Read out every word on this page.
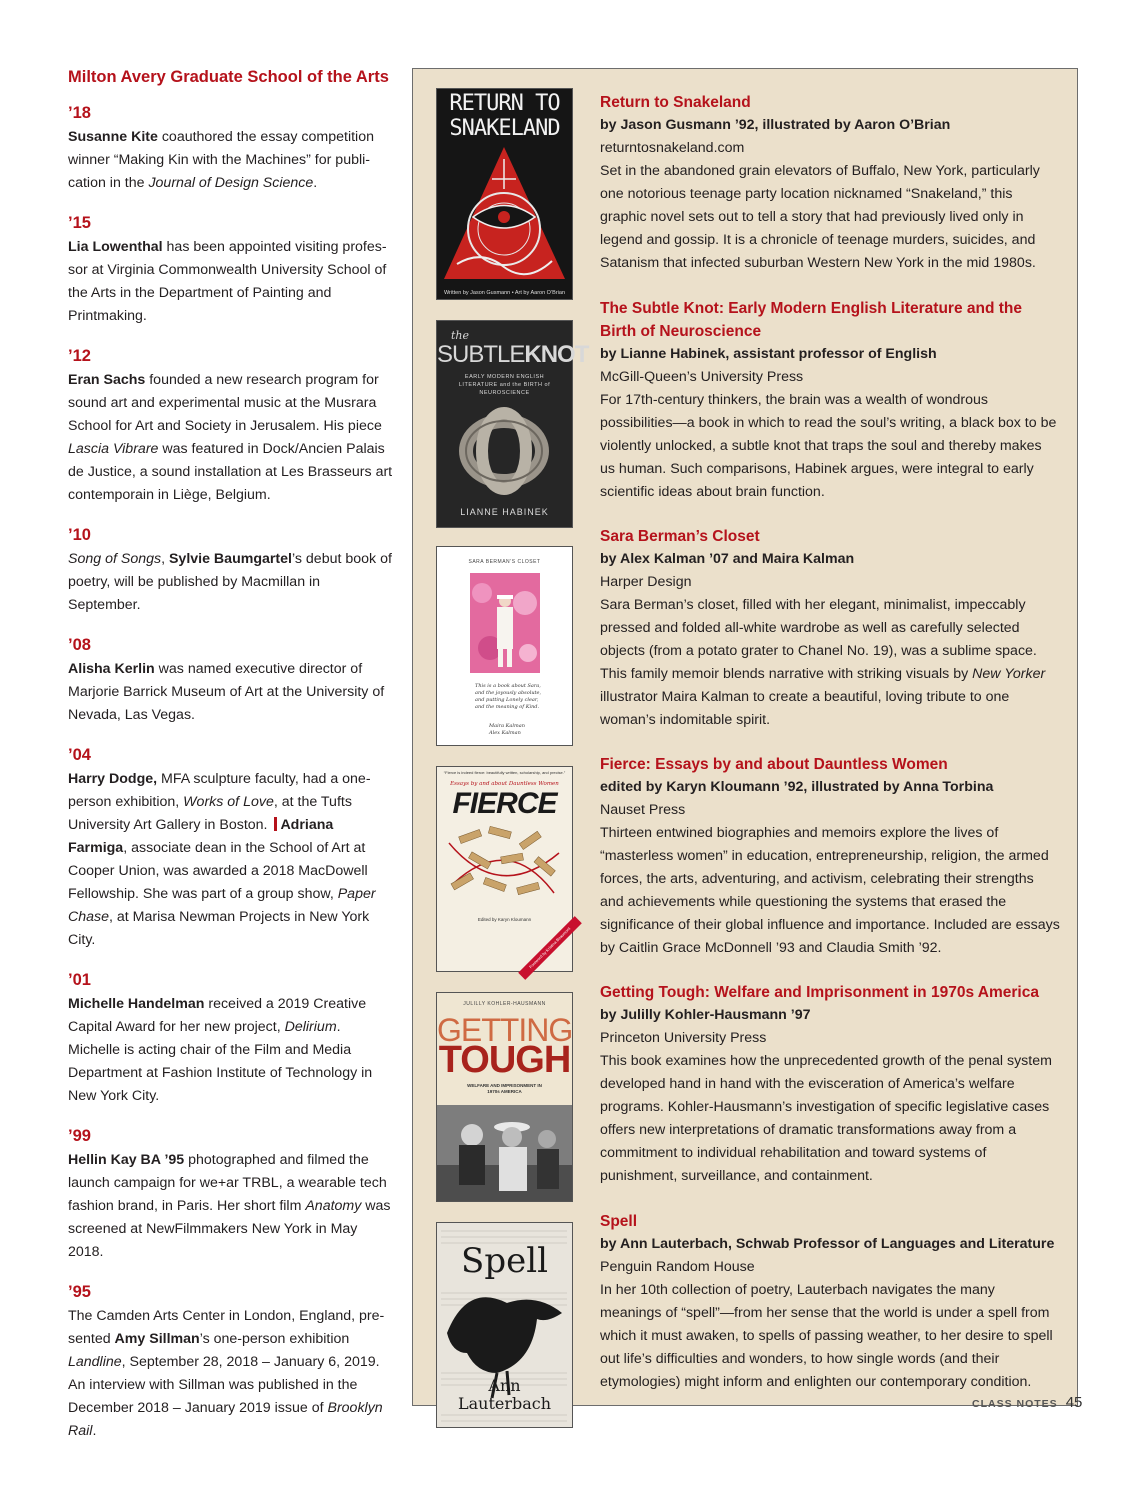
Milton Avery Graduate School of the Arts
’18
Susanne Kite coauthored the essay competition winner “Making Kin with the Machines” for publication in the Journal of Design Science.
’15
Lia Lowenthal has been appointed visiting professor at Virginia Commonwealth University School of the Arts in the Department of Painting and Printmaking.
’12
Eran Sachs founded a new research program for sound art and experimental music at the Musrara School for Art and Society in Jerusalem. His piece Lascia Vibrare was featured in Dock/Ancien Palais de Justice, a sound installation at Les Brasseurs art contemporain in Liège, Belgium.
’10
Song of Songs, Sylvie Baumgartel’s debut book of poetry, will be published by Macmillan in September.
’08
Alisha Kerlin was named executive director of Marjorie Barrick Museum of Art at the University of Nevada, Las Vegas.
’04
Harry Dodge, MFA sculpture faculty, had a one-person exhibition, Works of Love, at the Tufts University Art Gallery in Boston. Adriana Farmiga, associate dean in the School of Art at Cooper Union, was awarded a 2018 MacDowell Fellowship. She was part of a group show, Paper Chase, at Marisa Newman Projects in New York City.
’01
Michelle Handelman received a 2019 Creative Capital Award for her new project, Delirium. Michelle is acting chair of the Film and Media Department at Fashion Institute of Technology in New York City.
’99
Hellin Kay BA ’95 photographed and filmed the launch campaign for we+ar TRBL, a wearable tech fashion brand, in Paris. Her short film Anatomy was screened at NewFilmmakers New York in May 2018.
’95
The Camden Arts Center in London, England, presented Amy Sillman’s one-person exhibition Landline, September 28, 2018 – January 6, 2019. An interview with Sillman was published in the December 2018 – January 2019 issue of Brooklyn Rail.
RETURN TO
SNAKELAND
Written by Jason Gusmann • Art by Aaron O’Brian
the
SUBTLEKNOT
EARLY MODERN ENGLISH LITERATURE and the BIRTH of NEUROSCIENCE
LIANNE HABINEK
SARA BERMAN’S CLOSET
This is a book about Sara, and the joyously absolute, and putting Lonely clear, and the meaning of Kind.
Maira Kalman
Alex Kalman
“Fierce is indeed fierce: beautifully written, scholarship, and precise.”
Essays by and about Dauntless Women
FIERCE
Edited by Karyn Kloumann
Foreword by Kristina Beaumont
JULILLY KOHLER-HAUSMANN
GETTING
TOUGH
WELFARE AND IMPRISONMENT IN 1970s AMERICA
Spell
Ann
Lauterbach
Return to Snakeland
by Jason Gusmann ’92, illustrated by Aaron O’Brian
returntosnakeland.com
Set in the abandoned grain elevators of Buffalo, New York, particularly one notorious teenage party location nicknamed “Snakeland,” this graphic novel sets out to tell a story that had previously lived only in legend and gossip. It is a chronicle of teenage murders, suicides, and Satanism that infected suburban Western New York in the mid 1980s.
The Subtle Knot: Early Modern English Literature and the Birth of Neuroscience
by Lianne Habinek, assistant professor of English
McGill-Queen’s University Press
For 17th-century thinkers, the brain was a wealth of wondrous possibilities—a book in which to read the soul’s writing, a black box to be violently unlocked, a subtle knot that traps the soul and thereby makes us human. Such comparisons, Habinek argues, were integral to early scientific ideas about brain function.
Sara Berman’s Closet
by Alex Kalman ’07 and Maira Kalman
Harper Design
Sara Berman’s closet, filled with her elegant, minimalist, impeccably pressed and folded all-white wardrobe as well as carefully selected objects (from a potato grater to Chanel No. 19), was a sublime space. This family memoir blends narrative with striking visuals by New Yorker illustrator Maira Kalman to create a beautiful, loving tribute to one woman’s indomitable spirit.
Fierce: Essays by and about Dauntless Women
edited by Karyn Kloumann ’92, illustrated by Anna Torbina
Nauset Press
Thirteen entwined biographies and memoirs explore the lives of “masterless women” in education, entrepreneurship, religion, the armed forces, the arts, adventuring, and activism, celebrating their strengths and achievements while questioning the systems that erased the significance of their global influence and importance. Included are essays by Caitlin Grace McDonnell ’93 and Claudia Smith ’92.
Getting Tough: Welfare and Imprisonment in 1970s America
by Julilly Kohler-Hausmann ’97
Princeton University Press
This book examines how the unprecedented growth of the penal system developed hand in hand with the evisceration of America’s welfare programs. Kohler-Hausmann’s investigation of specific legislative cases offers new interpretations of dramatic transformations away from a commitment to individual rehabilitation and toward systems of punishment, surveillance, and containment.
Spell
by Ann Lauterbach, Schwab Professor of Languages and Literature
Penguin Random House
In her 10th collection of poetry, Lauterbach navigates the many meanings of “spell”—from her sense that the world is under a spell from which it must awaken, to spells of passing weather, to her desire to spell out life’s difficulties and wonders, to how single words (and their etymologies) might inform and enlighten our contemporary condition.
CLASS NOTES 45
